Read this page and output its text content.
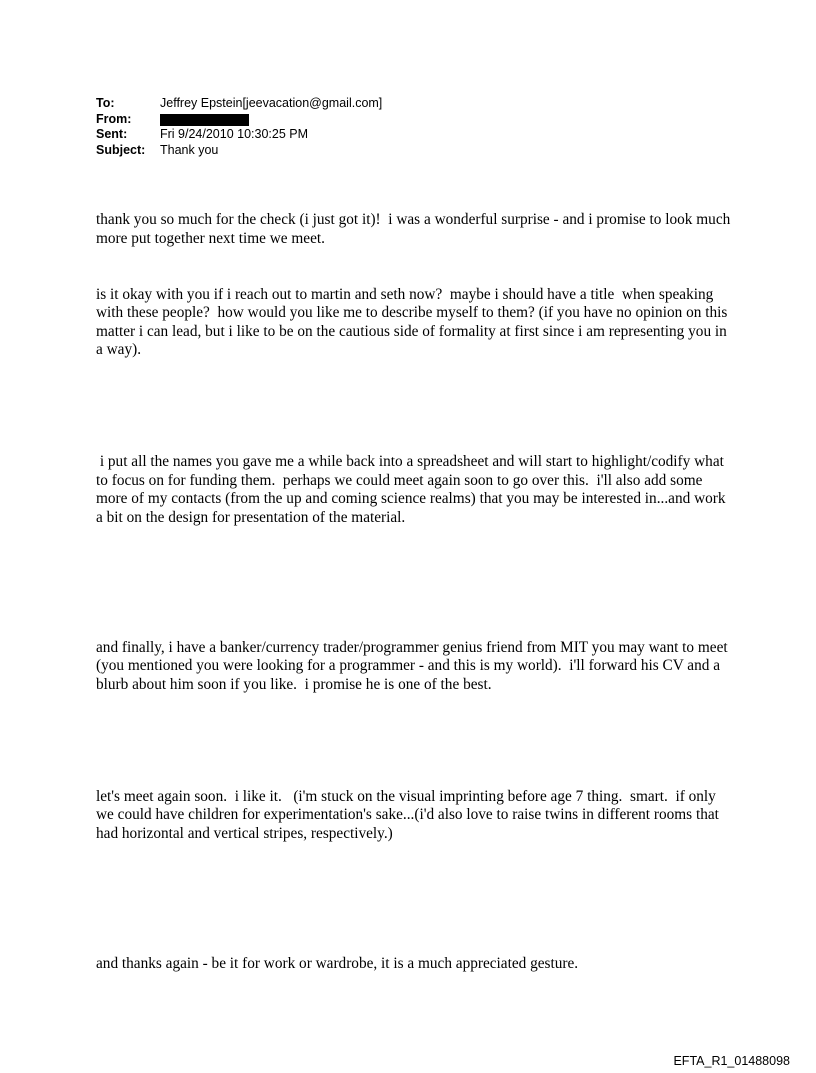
To:	Jeffrey Epstein[jeevacation@gmail.com]
From:
Sent:	Fri 9/24/2010 10:30:25 PM
Subject:	Thank you

thank you so much for the check (i just got it)!  i was a wonderful surprise - and i promise to look much more put together next time we meet.

is it okay with you if i reach out to martin and seth now?  maybe i should have a title  when speaking with these people?  how would you like me to describe myself to them? (if you have no opinion on this matter i can lead, but i like to be on the cautious side of formality at first since i am representing you in a way).

i put all the names you gave me a while back into a spreadsheet and will start to highlight/codify what to focus on for funding them.  perhaps we could meet again soon to go over this.  i'll also add some more of my contacts (from the up and coming science realms) that you may be interested in...and work a bit on the design for presentation of the material.

and finally, i have a banker/currency trader/programmer genius friend from MIT you may want to meet (you mentioned you were looking for a programmer - and this is my world).  i'll forward his CV and a blurb about him soon if you like.  i promise he is one of the best.

let's meet again soon.  i like it.   (i'm stuck on the visual imprinting before age 7 thing.  smart.  if only we could have children for experimentation's sake...(i'd also love to raise twins in different rooms that had horizontal and vertical stripes, respectively.)

and thanks again - be it for work or wardrobe, it is a much appreciated gesture.

EFTA_R1_01488098
